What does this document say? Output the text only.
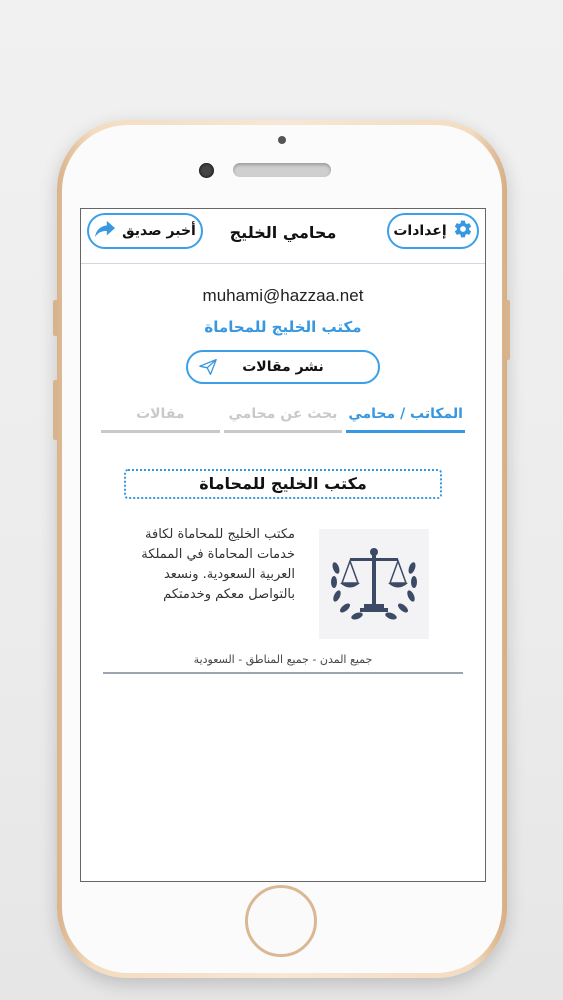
إعدادات
محامي الخليج
أخبر صديق
muhami@hazzaa.net
مكتب الخليج للمحاماة
نشر مقالات
المكاتب / محامي
بحث عن محامي
مقالات
مكتب الخليج للمحاماة
مكتب الخليج للمحاماة لكافة خدمات المحاماة في المملكة العربية السعودية. ونسعد بالتواصل معكم وخدمتكم
جميع المدن - جميع المناطق - السعودية
